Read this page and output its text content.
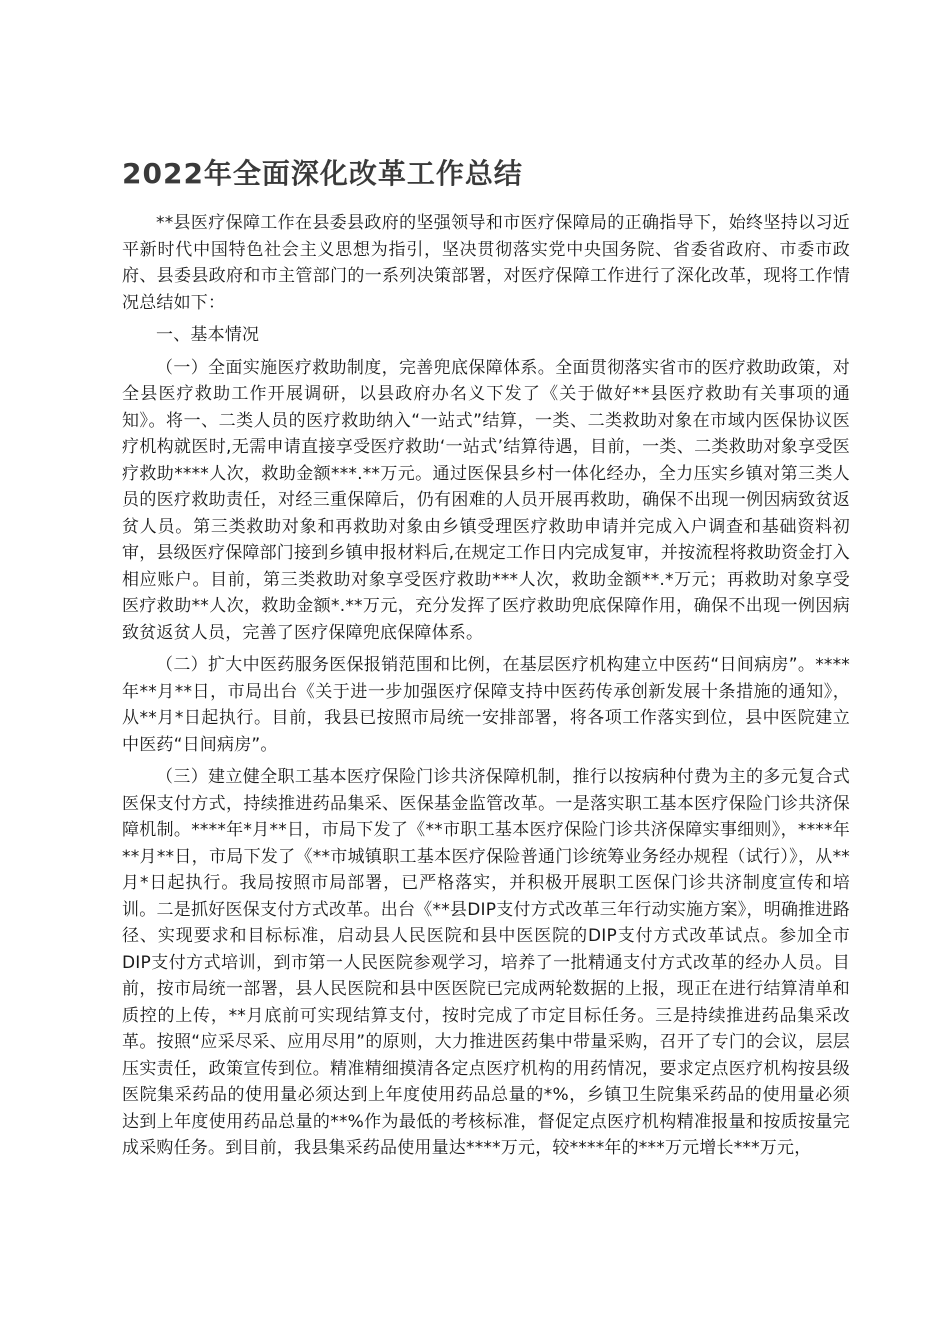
2022年全面深化改革工作总结

**县医疗保障工作在县委县政府的坚强领导和市医疗保障局的正确指导下，始终坚持以习近平新时代中国特色社会主义思想为指引，坚决贯彻落实党中央国务院、省委省政府、市委市政府、县委县政府和市主管部门的一系列决策部署，对医疗保障工作进行了深化改革，现将工作情况总结如下：

一、基本情况

（一）全面实施医疗救助制度，完善兜底保障体系。全面贯彻落实省市的医疗救助政策，对全县医疗救助工作开展调研，以县政府办名义下发了《关于做好**县医疗救助有关事项的通知》。将一、二类人员的医疗救助纳入“一站式”结算，一类、二类救助对象在市域内医保协议医疗机构就医时,无需申请直接享受医疗救助‘一站式’结算待遇，目前，一类、二类救助对象享受医疗救助****人次，救助金额***.**万元。通过医保县乡村一体化经办，全力压实乡镇对第三类人员的医疗救助责任，对经三重保障后，仍有困难的人员开展再救助，确保不出现一例因病致贫返贫人员。第三类救助对象和再救助对象由乡镇受理医疗救助申请并完成入户调查和基础资料初审，县级医疗保障部门接到乡镇申报材料后,在规定工作日内完成复审，并按流程将救助资金打入相应账户。目前，第三类救助对象享受医疗救助***人次，救助金额**.*万元；再救助对象享受医疗救助**人次，救助金额*.**万元，充分发挥了医疗救助兜底保障作用，确保不出现一例因病致贫返贫人员，完善了医疗保障兜底保障体系。

（二）扩大中医药服务医保报销范围和比例，在基层医疗机构建立中医药“日间病房”。****年**月**日，市局出台《关于进一步加强医疗保障支持中医药传承创新发展十条措施的通知》，从**月*日起执行。目前，我县已按照市局统一安排部署，将各项工作落实到位，县中医院建立中医药“日间病房”。

（三）建立健全职工基本医疗保险门诊共济保障机制，推行以按病种付费为主的多元复合式医保支付方式，持续推进药品集采、医保基金监管改革。一是落实职工基本医疗保险门诊共济保障机制。****年*月**日，市局下发了《**市职工基本医疗保险门诊共济保障实事细则》，****年**月**日，市局下发了《**市城镇职工基本医疗保险普通门诊统筹业务经办规程（试行）》，从**月*日起执行。我局按照市局部署，已严格落实，并积极开展职工医保门诊共济制度宣传和培训。二是抓好医保支付方式改革。出台《**县DIP支付方式改革三年行动实施方案》，明确推进路径、实现要求和目标标准，启动县人民医院和县中医医院的DIP支付方式改革试点。参加全市DIP支付方式培训，到市第一人民医院参观学习，培养了一批精通支付方式改革的经办人员。目前，按市局统一部署，县人民医院和县中医医院已完成两轮数据的上报，现正在进行结算清单和质控的上传，**月底前可实现结算支付，按时完成了市定目标任务。三是持续推进药品集采改革。按照“应采尽采、应用尽用”的原则，大力推进医药集中带量采购，召开了专门的会议，层层压实责任，政策宣传到位。精准精细摸清各定点医疗机构的用药情况，要求定点医疗机构按县级医院集采药品的使用量必须达到上年度使用药品总量的*%，乡镇卫生院集采药品的使用量必须达到上年度使用药品总量的**%作为最低的考核标准，督促定点医疗机构精准报量和按质按量完成采购任务。到目前，我县集采药品使用量达****万元，较****年的***万元增长***万元，
